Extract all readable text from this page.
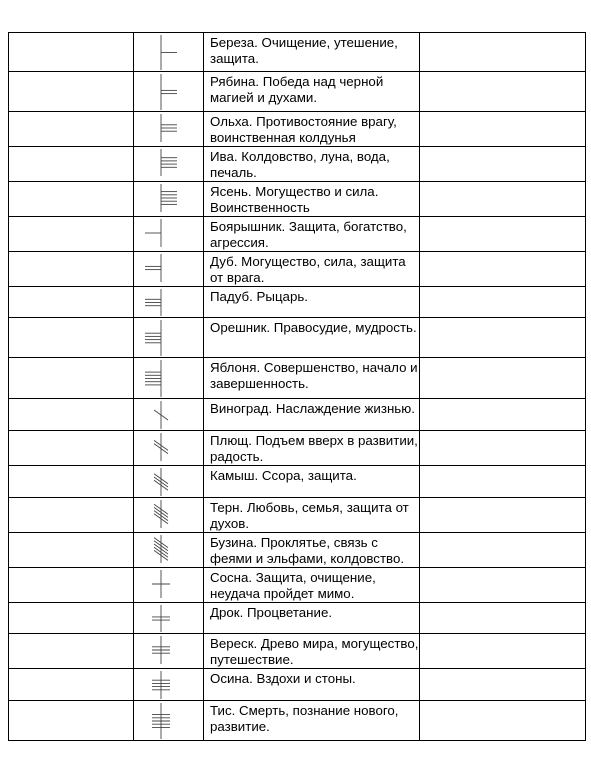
	Береза. Очищение, утешение, защита.	

	Рябина. Победа над черной магией и духами.	

	Ольха. Противостояние врагу, воинственная колдунья	

	Ива. Колдовство, луна, вода, печаль.	

	Ясень. Могущество и сила. Воинственность	

	Боярышник. Защита, богатство, агрессия.	

	Дуб. Могущество, сила, защита от врага.	

	Падуб. Рыцарь.	

	Орешник. Правосудие, мудрость.	

	Яблоня. Совершенство, начало и завершенность.	

	Виноград. Наслаждение жизнью.	

	Плющ. Подъем вверх в развитии, радость.	

	Камыш. Ссора, защита.	

	Терн. Любовь, семья, защита от духов.	

	Бузина. Проклятье, связь с феями и эльфами, колдовство.	

	Сосна. Защита, очищение, неудача пройдет мимо.	

	Дрок. Процветание.	

	Вереск. Древо мира, могущество, путешествие.	

	Осина. Вздохи и стоны.	

	Тис. Смерть, познание нового, развитие.	
